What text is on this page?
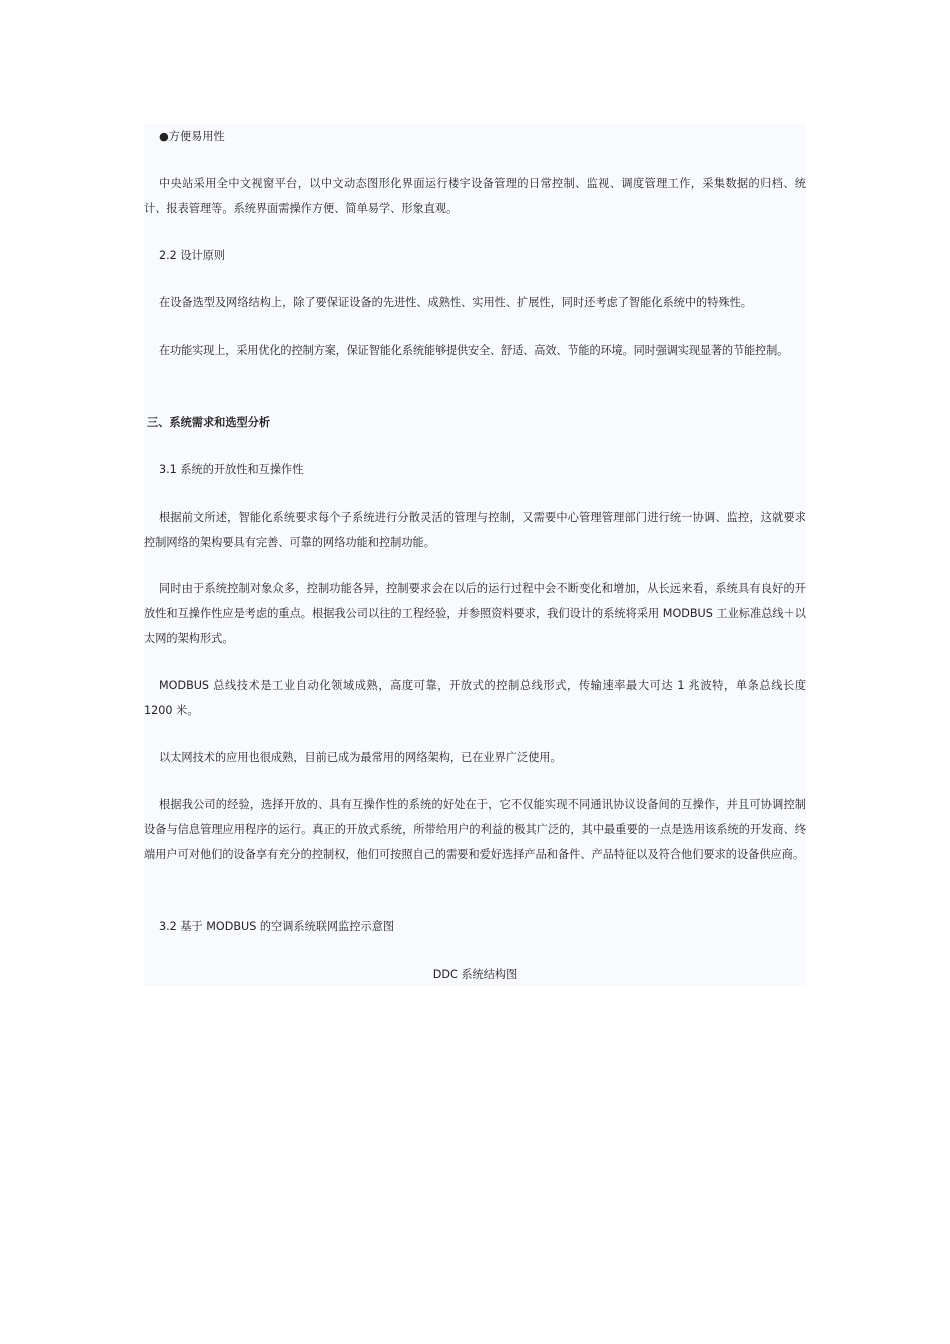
●方便易用性

中央站采用全中文视窗平台，以中文动态图形化界面运行楼宇设备管理的日常控制、监视、调度管理工作，采集数据的归档、统计、报表管理等。系统界面需操作方便、简单易学、形象直观。

2.2 设计原则

在设备选型及网络结构上，除了要保证设备的先进性、成熟性、实用性、扩展性，同时还考虑了智能化系统中的特殊性。

在功能实现上，采用优化的控制方案，保证智能化系统能够提供安全、舒适、高效、节能的环境。同时强调实现显著的节能控制。
三、系统需求和选型分析
3.1 系统的开放性和互操作性

根据前文所述，智能化系统要求每个子系统进行分散灵活的管理与控制，又需要中心管理管理部门进行统一协调、监控，这就要求控制网络的架构要具有完善、可靠的网络功能和控制功能。

同时由于系统控制对象众多，控制功能各异，控制要求会在以后的运行过程中会不断变化和增加，从长远来看，系统具有良好的开放性和互操作性应是考虑的重点。根据我公司以往的工程经验，并参照资料要求，我们设计的系统将采用 MODBUS 工业标准总线＋以太网的架构形式。

MODBUS 总线技术是工业自动化领域成熟，高度可靠，开放式的控制总线形式，传输速率最大可达 1 兆波特，单条总线长度 1200 米。

以太网技术的应用也很成熟，目前已成为最常用的网络架构，已在业界广泛使用。

根据我公司的经验，选择开放的、具有互操作性的系统的好处在于，它不仅能实现不同通讯协议设备间的互操作，并且可协调控制设备与信息管理应用程序的运行。真正的开放式系统，所带给用户的利益的极其广泛的，其中最重要的一点是选用该系统的开发商、终端用户可对他们的设备享有充分的控制权，他们可按照自己的需要和爱好选择产品和备件、产品特征以及符合他们要求的设备供应商。

3.2 基于 MODBUS 的空调系统联网监控示意图
DDC 系统结构图
